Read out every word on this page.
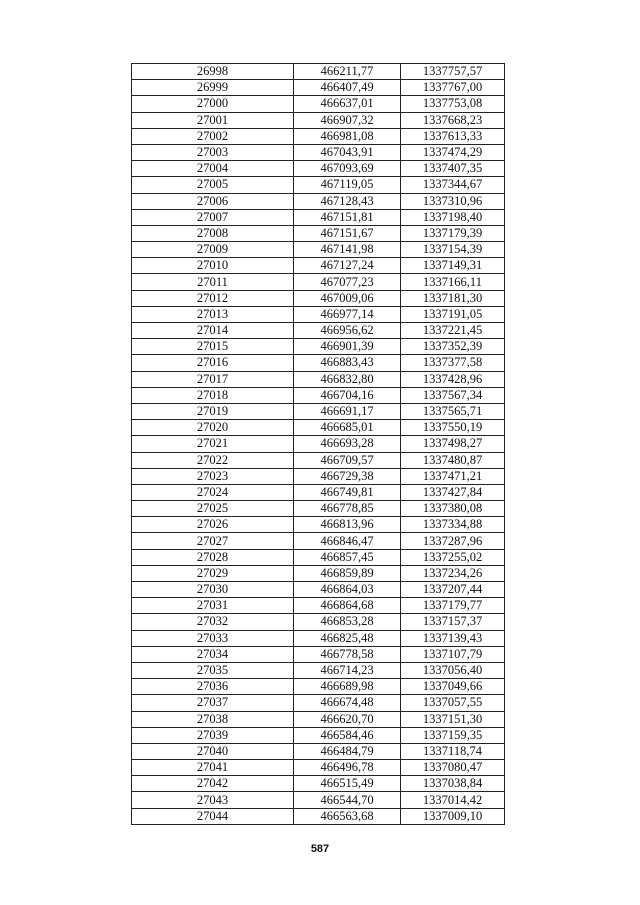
26998	466211,77	1337757,57
26999	466407,49	1337767,00
27000	466637,01	1337753,08
27001	466907,32	1337668,23
27002	466981,08	1337613,33
27003	467043,91	1337474,29
27004	467093,69	1337407,35
27005	467119,05	1337344,67
27006	467128,43	1337310,96
27007	467151,81	1337198,40
27008	467151,67	1337179,39
27009	467141,98	1337154,39
27010	467127,24	1337149,31
27011	467077,23	1337166,11
27012	467009,06	1337181,30
27013	466977,14	1337191,05
27014	466956,62	1337221,45
27015	466901,39	1337352,39
27016	466883,43	1337377,58
27017	466832,80	1337428,96
27018	466704,16	1337567,34
27019	466691,17	1337565,71
27020	466685,01	1337550,19
27021	466693,28	1337498,27
27022	466709,57	1337480,87
27023	466729,38	1337471,21
27024	466749,81	1337427,84
27025	466778,85	1337380,08
27026	466813,96	1337334,88
27027	466846,47	1337287,96
27028	466857,45	1337255,02
27029	466859,89	1337234,26
27030	466864,03	1337207,44
27031	466864,68	1337179,77
27032	466853,28	1337157,37
27033	466825,48	1337139,43
27034	466778,58	1337107,79
27035	466714,23	1337056,40
27036	466689,98	1337049,66
27037	466674,48	1337057,55
27038	466620,70	1337151,30
27039	466584,46	1337159,35
27040	466484,79	1337118,74
27041	466496,78	1337080,47
27042	466515,49	1337038,84
27043	466544,70	1337014,42
27044	466563,68	1337009,10
587
